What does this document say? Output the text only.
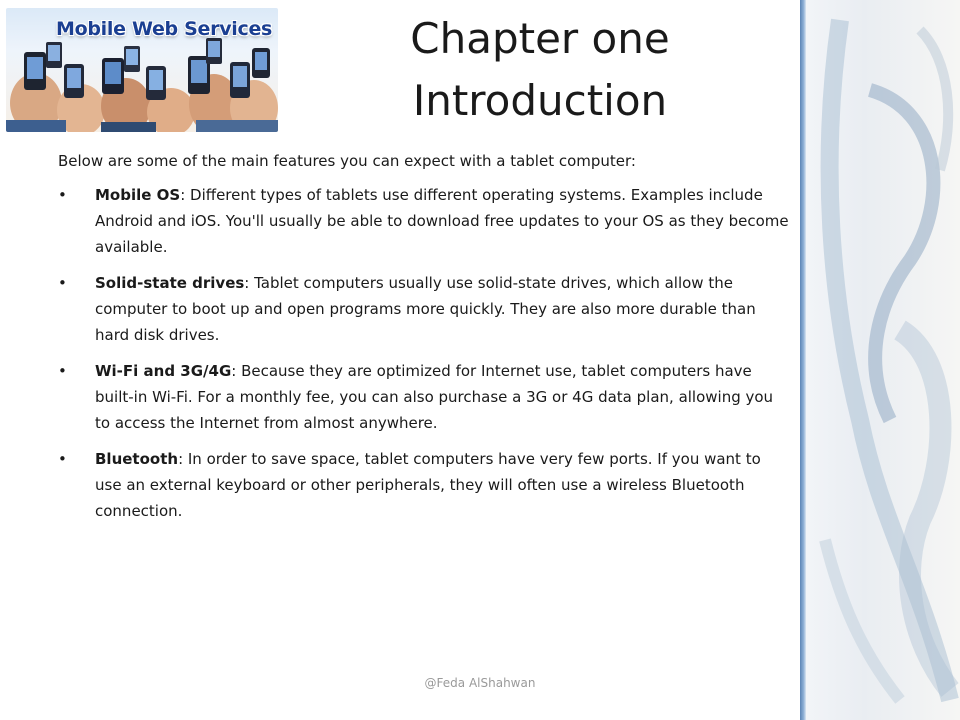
Mobile Web Services	Chapter one
Introduction

Below are some of the main features you can expect with a tablet computer:

• Mobile OS: Different types of tablets use different operating systems. Examples include Android and iOS. You'll usually be able to download free updates to your OS as they become available.
• Solid-state drives: Tablet computers usually use solid-state drives, which allow the computer to boot up and open programs more quickly. They are also more durable than hard disk drives.
• Wi-Fi and 3G/4G: Because they are optimized for Internet use, tablet computers have built-in Wi-Fi. For a monthly fee, you can also purchase a 3G or 4G data plan, allowing you to access the Internet from almost anywhere.
• Bluetooth: In order to save space, tablet computers have very few ports. If you want to use an external keyboard or other peripherals, they will often use a wireless Bluetooth connection.
@Feda AlShahwan
